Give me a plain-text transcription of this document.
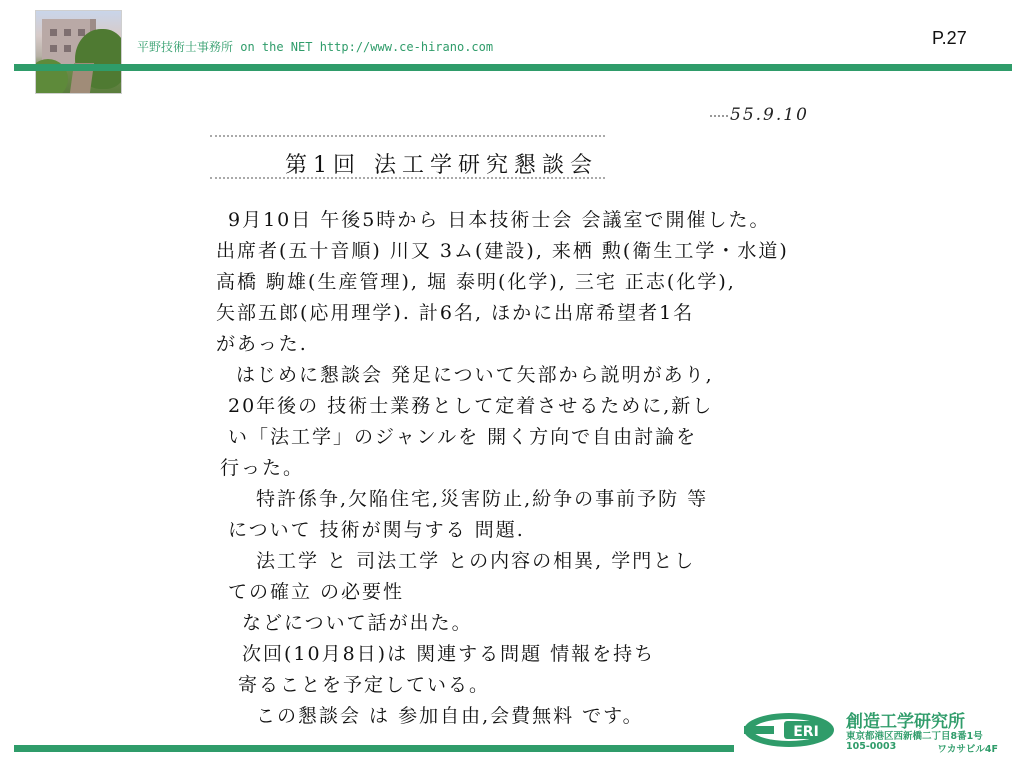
平野技術士事務所 on the NET http://www.ce-hirano.com	P.27
55.9.10
第1回 法工学研究懇談会
9月10日 午後5時から 日本技術士会 会議室で開催した。
出席者(五十音順) 川又 3ム(建設), 来栖 勲(衛生工学・水道)
高橋 駒雄(生産管理), 堀 泰明(化学), 三宅 正志(化学),
矢部五郎(応用理学). 計6名, ほかに出席希望者1名
があった.
はじめに懇談会 発足について矢部から説明があり,
20年後の 技術士業務として定着させるために,新し
い「法工学」のジャンルを 開く方向で自由討論を
行った。
特許係争,欠陥住宅,災害防止,紛争の事前予防 等
について 技術が関与する 問題.
法工学 と 司法工学 との内容の相異, 学門とし
ての確立 の必要性
などについて話が出た。
次回(10月8日)は 関連する問題 情報を持ち
寄ることを予定している。
この懇談会 は 参加自由,会費無料 です。
ERI 創造工学研究所
東京都港区西新橋二丁目8番1号
105-0003	ワカサビル4F
